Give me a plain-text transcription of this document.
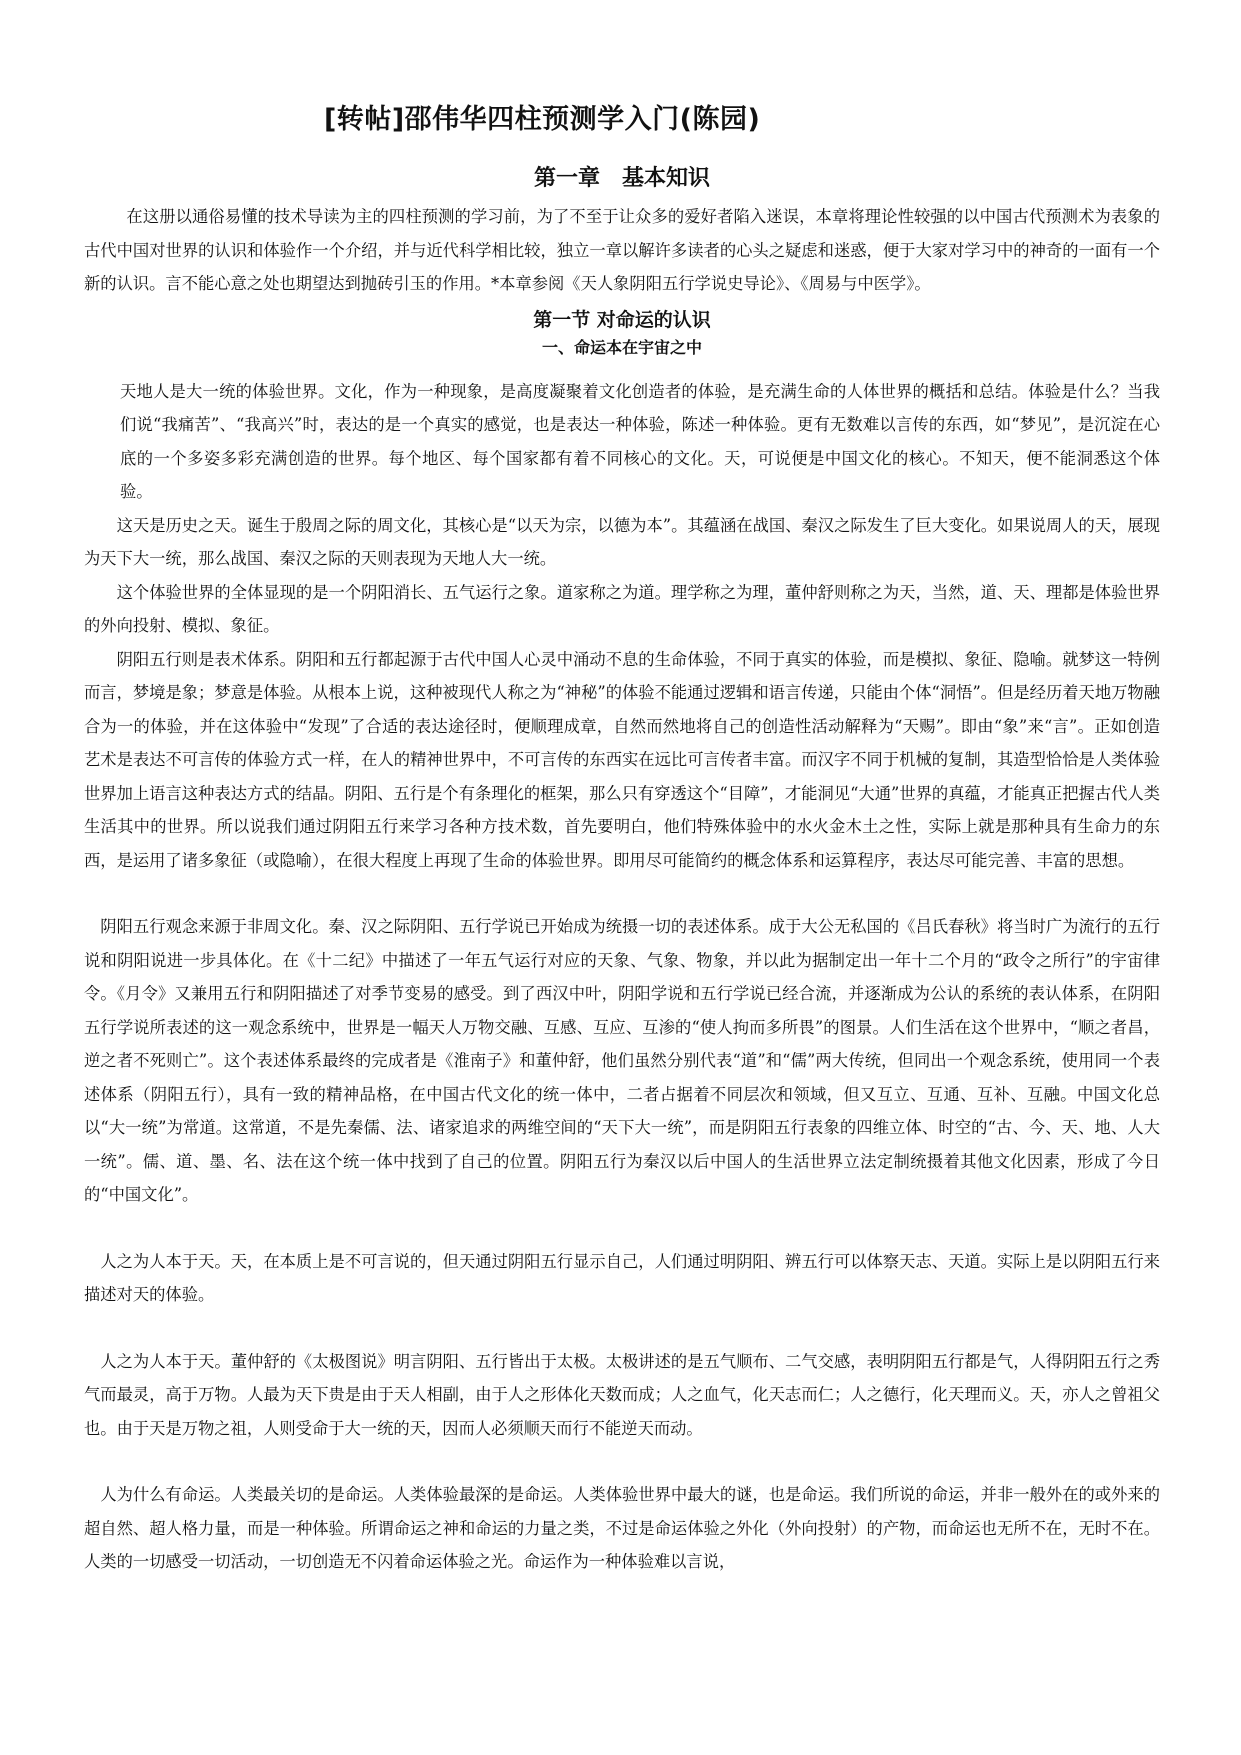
[转帖]邵伟华四柱预测学入门(陈园)
第一章　基本知识

在这册以通俗易懂的技术导读为主的四柱预测的学习前，为了不至于让众多的爱好者陷入迷误，本章将理论性较强的以中国古代预测术为表象的古代中国对世界的认识和体验作一个介绍，并与近代科学相比较，独立一章以解许多读者的心头之疑虑和迷惑，便于大家对学习中的神奇的一面有一个新的认识。言不能心意之处也期望达到抛砖引玉的作用。*本章参阅《天人象阴阳五行学说史导论》、《周易与中医学》。

第一节 对命运的认识
一、命运本在宇宙之中

天地人是大一统的体验世界。文化，作为一种现象，是高度凝聚着文化创造者的体验，是充满生命的人体世界的概括和总结。体验是什么？当我们说“我痛苦”、“我高兴”时，表达的是一个真实的感觉，也是表达一种体验，陈述一种体验。更有无数难以言传的东西，如“梦见”，是沉淀在心底的一个多姿多彩充满创造的世界。每个地区、每个国家都有着不同核心的文化。天，可说便是中国文化的核心。不知天，便不能洞悉这个体验。

这天是历史之天。诞生于殷周之际的周文化，其核心是“以天为宗，以德为本”。其蕴涵在战国、秦汉之际发生了巨大变化。如果说周人的天，展现为天下大一统，那么战国、秦汉之际的天则表现为天地人大一统。

这个体验世界的全体显现的是一个阴阳消长、五气运行之象。道家称之为道。理学称之为理，董仲舒则称之为天，当然，道、天、理都是体验世界的外向投射、模拟、象征。

阴阳五行则是表术体系。阴阳和五行都起源于古代中国人心灵中涌动不息的生命体验，不同于真实的体验，而是模拟、象征、隐喻。就梦这一特例而言，梦境是象；梦意是体验。从根本上说，这种被现代人称之为“神秘”的体验不能通过逻辑和语言传递，只能由个体“洞悟”。但是经历着天地万物融合为一的体验，并在这体验中“发现”了合适的表达途径时，便顺理成章，自然而然地将自己的创造性活动解释为“天赐”。即由“象”来“言”。正如创造艺术是表达不可言传的体验方式一样，在人的精神世界中，不可言传的东西实在远比可言传者丰富。而汉字不同于机械的复制，其造型恰恰是人类体验世界加上语言这种表达方式的结晶。阴阳、五行是个有条理化的框架，那么只有穿透这个“目障”，才能洞见“大通”世界的真蕴，才能真正把握古代人类生活其中的世界。所以说我们通过阴阳五行来学习各种方技术数，首先要明白，他们特殊体验中的水火金木土之性，实际上就是那种具有生命力的东西，是运用了诸多象征（或隐喻），在很大程度上再现了生命的体验世界。即用尽可能简约的概念体系和运算程序，表达尽可能完善、丰富的思想。

阴阳五行观念来源于非周文化。秦、汉之际阴阳、五行学说已开始成为统摄一切的表述体系。成于大公无私国的《吕氏春秋》将当时广为流行的五行说和阴阳说进一步具体化。在《十二纪》中描述了一年五气运行对应的天象、气象、物象，并以此为据制定出一年十二个月的“政令之所行”的宇宙律令。《月令》又兼用五行和阴阳描述了对季节变易的感受。到了西汉中叶，阴阳学说和五行学说已经合流，并逐渐成为公认的系统的表认体系，在阴阳五行学说所表述的这一观念系统中，世界是一幅天人万物交融、互感、互应、互渗的“使人拘而多所畏”的图景。人们生活在这个世界中，“顺之者昌，逆之者不死则亡”。这个表述体系最终的完成者是《淮南子》和董仲舒，他们虽然分别代表“道”和“儒”两大传统，但同出一个观念系统，使用同一个表述体系（阴阳五行），具有一致的精神品格，在中国古代文化的统一体中，二者占据着不同层次和领域，但又互立、互通、互补、互融。中国文化总以“大一统”为常道。这常道，不是先秦儒、法、诸家追求的两维空间的“天下大一统”，而是阴阳五行表象的四维立体、时空的“古、今、天、地、人大一统”。儒、道、墨、名、法在这个统一体中找到了自己的位置。阴阳五行为秦汉以后中国人的生活世界立法定制统摄着其他文化因素，形成了今日的“中国文化”。

人之为人本于天。天，在本质上是不可言说的，但天通过阴阳五行显示自己，人们通过明阴阳、辨五行可以体察天志、天道。实际上是以阴阳五行来描述对天的体验。

人之为人本于天。董仲舒的《太极图说》明言阴阳、五行皆出于太极。太极讲述的是五气顺布、二气交感，表明阴阳五行都是气，人得阴阳五行之秀气而最灵，高于万物。人最为天下贵是由于天人相副，由于人之形体化天数而成；人之血气，化天志而仁；人之德行，化天理而义。天，亦人之曾祖父也。由于天是万物之祖，人则受命于大一统的天，因而人必须顺天而行不能逆天而动。

人为什么有命运。人类最关切的是命运。人类体验最深的是命运。人类体验世界中最大的谜，也是命运。我们所说的命运，并非一般外在的或外来的超自然、超人格力量，而是一种体验。所谓命运之神和命运的力量之类，不过是命运体验之外化（外向投射）的产物，而命运也无所不在，无时不在。人类的一切感受一切活动，一切创造无不闪着命运体验之光。命运作为一种体验难以言说，
